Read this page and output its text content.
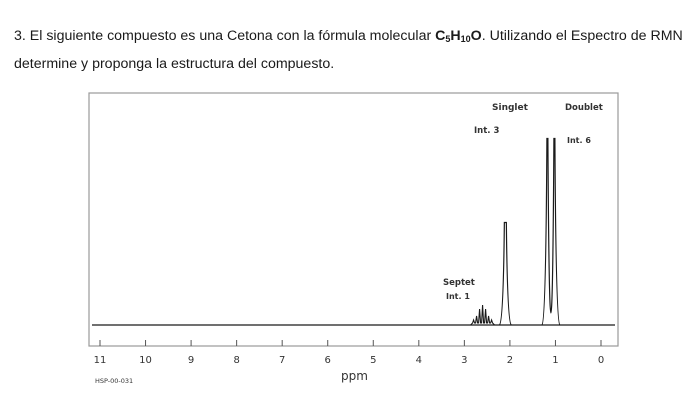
3. El siguiente compuesto es una Cetona con la fórmula molecular $C_5H_{10}O$. Utilizando el Espectro de RMN determine y proponga la estructura del compuesto.
11	10	9	8	7	6	5	4	3	2	1	0
Singlet
Int. 3
Doublet
Int. 6
Septet
Int. 1
ppm
HSP-00-031
